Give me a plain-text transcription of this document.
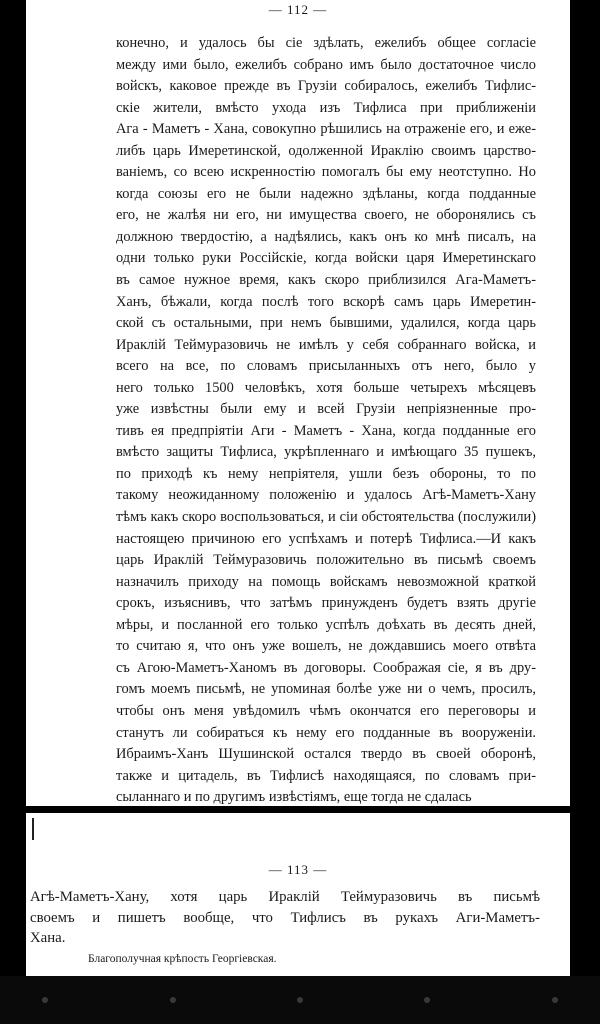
— 112 —
конечно, и удалось бы сіе здѣлать, ежелибъ общее согласіе
между ими было, ежелибъ собрано имъ было достаточное число
войскъ, каковое прежде въ Грузіи собиралось, ежелибъ Тифлис-
скіе жители, вмѣсто ухода изъ Тифлиса при приближеніи
Ага - Маметъ - Хана, совокупно рѣшились на отраженіе его, и еже-
либъ царь Имеретинской, одолженной Ираклію своимъ царство-
ваніемъ, со всею искренностію помогалъ бы ему неотступно. Но
когда союзы его не были надежно здѣланы, когда подданные
его, не жалѣя ни его, ни имущества своего, не оборонялись съ
должною твердостію, а надѣялись, какъ онъ ко мнѣ писалъ, на
одни только руки Россійскіе, когда войски царя Имеретинскаго
въ самое нужное время, какъ скоро приблизился Ага-Маметъ-
Ханъ, бѣжали, когда послѣ того вскорѣ самъ царь Имеретин-
ской съ остальными, при немъ бывшими, удалился, когда царь
Ираклій Теймуразовичь не имѣлъ у себя собраннаго войска, и
всего на все, по словамъ присыланныхъ отъ него, было у
него только 1500 человѣкъ, хотя больше четырехъ мѣсяцевъ
уже извѣстны были ему и всей Грузіи непріязненные про-
тивъ ея предпріятіи Аги - Маметъ - Хана, когда подданные его
вмѣсто защиты Тифлиса, укрѣпленнаго и имѣющаго 35 пушекъ,
по приходѣ къ нему непріятеля, ушли безъ обороны, то по
такому неожиданному положенію и удалось Агѣ-Маметъ-Хану
тѣмъ какъ скоро воспользоваться, и сіи обстоятельства (послужили)
настоящею причиною его успѣхамъ и потерѣ Тифлиса.—И какъ
царь Ираклій Теймуразовичь положительно въ письмѣ своемъ
назначилъ приходу на помощь войскамъ невозможной краткой
срокъ, изъяснивъ, что затѣмъ принужденъ будетъ взять другіе
мѣры, и посланной его только успѣлъ доѣхать въ десять дней,
то считаю я, что онъ уже вошелъ, не дождавшись моего отвѣта
съ Агою-Маметъ-Ханомъ въ договоры. Соображая сіе, я въ дру-
гомъ моемъ письмѣ, не упоминая болѣе уже ни о чемъ, просилъ,
чтобы онъ меня увѣдомилъ чѣмъ окончатся его переговоры и
станутъ ли собираться къ нему его подданные въ вооруженіи.
Ибраимъ-Ханъ Шушинской остался твердо въ своей оборонѣ,
также и цитадель, въ Тифлисѣ находящаяся, по словамъ при-
сыланнаго и по другимъ извѣстіямъ, еще тогда не сдалась
— 113 —
Агѣ-Маметъ-Хану, хотя царь Ираклій Теймуразовичь въ письмѣ
своемъ и пишетъ вообще, что Тифлисъ въ рукахъ Аги-Маметъ-
Хана.
Благополучная крѣпость Георгіевская.
